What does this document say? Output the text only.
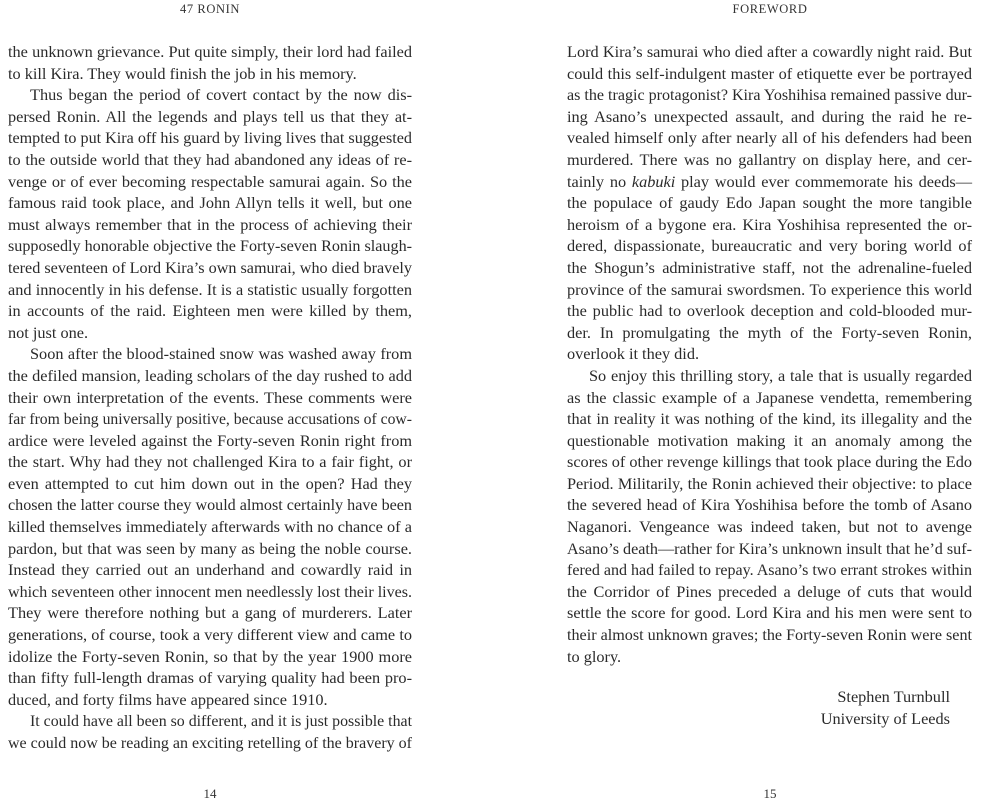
47 RONIN
the unknown grievance. Put quite simply, their lord had failed
to kill Kira. They would finish the job in his memory.
Thus began the period of covert contact by the now dis-
persed Ronin. All the legends and plays tell us that they at-
tempted to put Kira off his guard by living lives that suggested
to the outside world that they had abandoned any ideas of re-
venge or of ever becoming respectable samurai again. So the
famous raid took place, and John Allyn tells it well, but one
must always remember that in the process of achieving their
supposedly honorable objective the Forty-seven Ronin slaugh-
tered seventeen of Lord Kira’s own samurai, who died bravely
and innocently in his defense. It is a statistic usually forgotten
in accounts of the raid. Eighteen men were killed by them,
not just one.
Soon after the blood-stained snow was washed away from
the defiled mansion, leading scholars of the day rushed to add
their own interpretation of the events. These comments were
far from being universally positive, because accusations of cow-
ardice were leveled against the Forty-seven Ronin right from
the start. Why had they not challenged Kira to a fair fight, or
even attempted to cut him down out in the open? Had they
chosen the latter course they would almost certainly have been
killed themselves immediately afterwards with no chance of a
pardon, but that was seen by many as being the noble course.
Instead they carried out an underhand and cowardly raid in
which seventeen other innocent men needlessly lost their lives.
They were therefore nothing but a gang of murderers. Later
generations, of course, took a very different view and came to
idolize the Forty-seven Ronin, so that by the year 1900 more
than fifty full-length dramas of varying quality had been pro-
duced, and forty films have appeared since 1910.
It could have all been so different, and it is just possible that
we could now be reading an exciting retelling of the bravery of
14
FOREWORD
Lord Kira’s samurai who died after a cowardly night raid. But
could this self-indulgent master of etiquette ever be portrayed
as the tragic protagonist? Kira Yoshihisa remained passive dur-
ing Asano’s unexpected assault, and during the raid he re-
vealed himself only after nearly all of his defenders had been
murdered. There was no gallantry on display here, and cer-
tainly no kabuki play would ever commemorate his deeds—
the populace of gaudy Edo Japan sought the more tangible
heroism of a bygone era. Kira Yoshihisa represented the or-
dered, dispassionate, bureaucratic and very boring world of
the Shogun’s administrative staff, not the adrenaline-fueled
province of the samurai swordsmen. To experience this world
the public had to overlook deception and cold-blooded mur-
der. In promulgating the myth of the Forty-seven Ronin,
overlook it they did.
So enjoy this thrilling story, a tale that is usually regarded
as the classic example of a Japanese vendetta, remembering
that in reality it was nothing of the kind, its illegality and the
questionable motivation making it an anomaly among the
scores of other revenge killings that took place during the Edo
Period. Militarily, the Ronin achieved their objective: to place
the severed head of Kira Yoshihisa before the tomb of Asano
Naganori. Vengeance was indeed taken, but not to avenge
Asano’s death—rather for Kira’s unknown insult that he’d suf-
fered and had failed to repay. Asano’s two errant strokes within
the Corridor of Pines preceded a deluge of cuts that would
settle the score for good. Lord Kira and his men were sent to
their almost unknown graves; the Forty-seven Ronin were sent
to glory.
Stephen Turnbull
University of Leeds
15
